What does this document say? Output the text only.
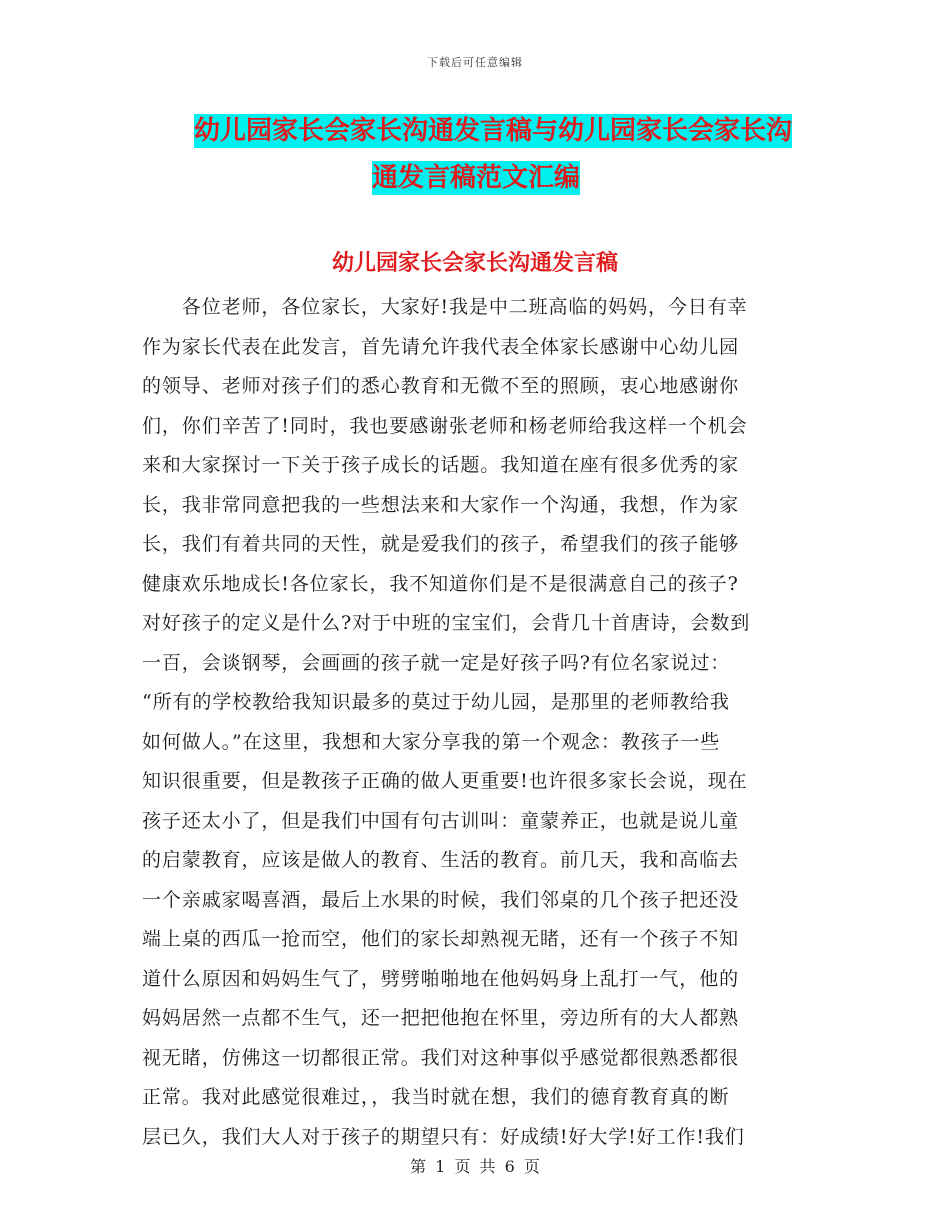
下载后可任意编辑
幼儿园家长会家长沟通发言稿与幼儿园家长会家长沟
通发言稿范文汇编
幼儿园家长会家长沟通发言稿
　　各位老师，各位家长，大家好!我是中二班高临的妈妈，今日有幸
作为家长代表在此发言，首先请允许我代表全体家长感谢中心幼儿园
的领导、老师对孩子们的悉心教育和无微不至的照顾，衷心地感谢你
们，你们辛苦了!同时，我也要感谢张老师和杨老师给我这样一个机会
来和大家探讨一下关于孩子成长的话题。我知道在座有很多优秀的家
长，我非常同意把我的一些想法来和大家作一个沟通，我想，作为家
长，我们有着共同的天性，就是爱我们的孩子，希望我们的孩子能够
健康欢乐地成长!各位家长，我不知道你们是不是很满意自己的孩子?
对好孩子的定义是什么?对于中班的宝宝们，会背几十首唐诗，会数到
一百，会谈钢琴，会画画的孩子就一定是好孩子吗?有位名家说过：
“所有的学校教给我知识最多的莫过于幼儿园，是那里的老师教给我
如何做人。”在这里，我想和大家分享我的第一个观念：教孩子一些
知识很重要，但是教孩子正确的做人更重要!也许很多家长会说，现在
孩子还太小了，但是我们中国有句古训叫：童蒙养正，也就是说儿童
的启蒙教育，应该是做人的教育、生活的教育。前几天，我和高临去
一个亲戚家喝喜酒，最后上水果的时候，我们邻桌的几个孩子把还没
端上桌的西瓜一抢而空，他们的家长却熟视无睹，还有一个孩子不知
道什么原因和妈妈生气了，劈劈啪啪地在他妈妈身上乱打一气，他的
妈妈居然一点都不生气，还一把把他抱在怀里，旁边所有的大人都熟
视无睹，仿佛这一切都很正常。我们对这种事似乎感觉都很熟悉都很
正常。我对此感觉很难过，，我当时就在想，我们的德育教育真的断
层已久，我们大人对于孩子的期望只有：好成绩!好大学!好工作!我们
第 1 页 共 6 页
